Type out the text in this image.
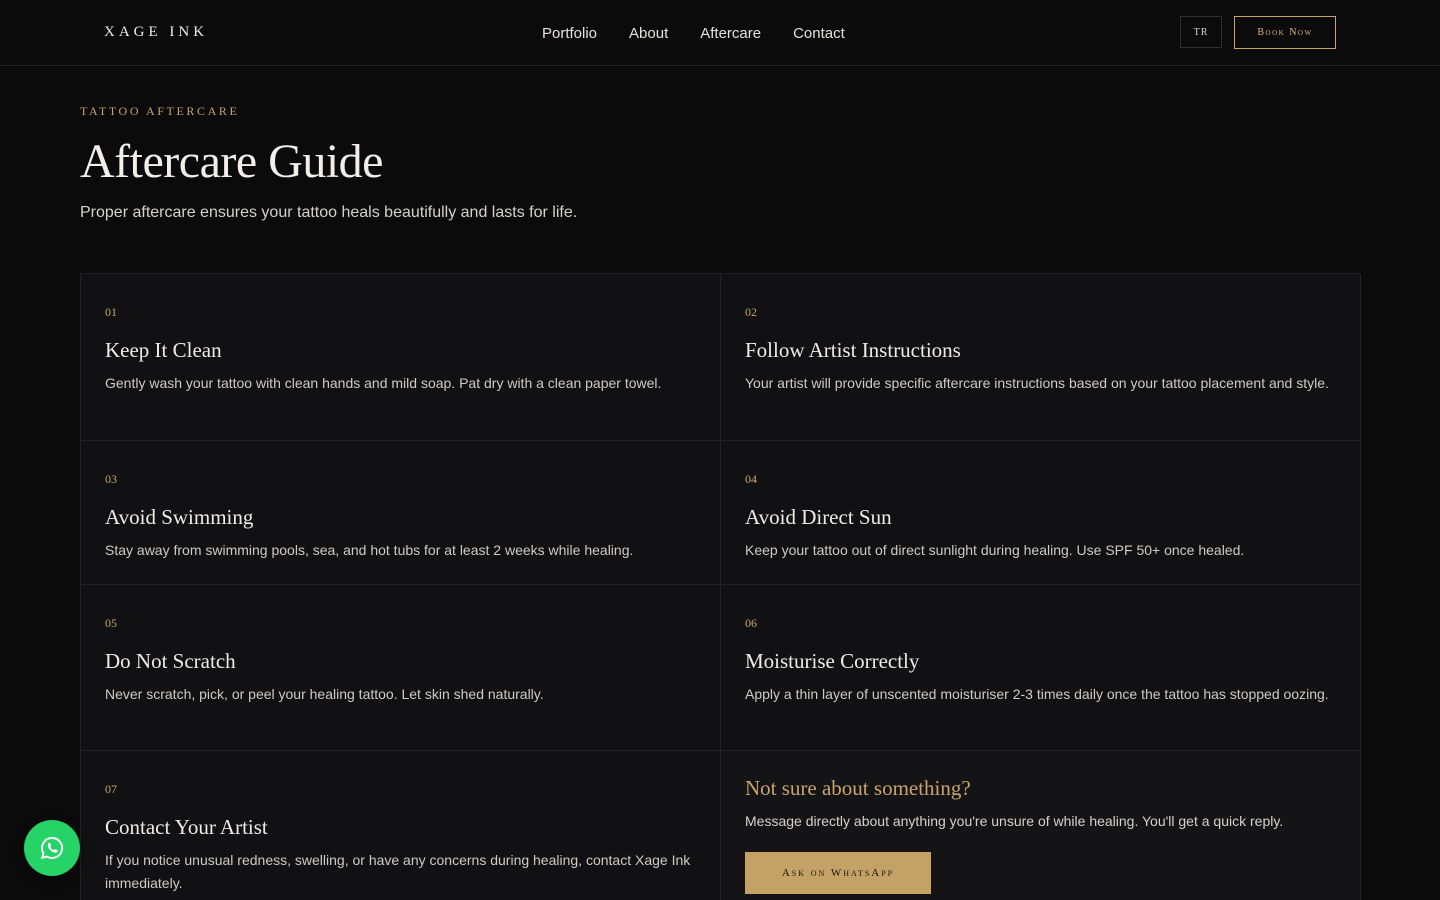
XAGE INK	Portfolio About Aftercare Contact	TR	Book Now
TATTOO AFTERCARE
Aftercare Guide

Proper aftercare ensures your tattoo heals beautifully and lasts for life.

01
Keep It Clean

Gently wash your tattoo with clean hands and mild soap. Pat dry with a clean paper towel.

02
Follow Artist Instructions

Your artist will provide specific aftercare instructions based on your tattoo placement and style.

03
Avoid Swimming

Stay away from swimming pools, sea, and hot tubs for at least 2 weeks while healing.

04
Avoid Direct Sun

Keep your tattoo out of direct sunlight during healing. Use SPF 50+ once healed.

05
Do Not Scratch

Never scratch, pick, or peel your healing tattoo. Let skin shed naturally.

06
Moisturise Correctly

Apply a thin layer of unscented moisturiser 2-3 times daily once the tattoo has stopped oozing.

07
Contact Your Artist

If you notice unusual redness, swelling, or have any concerns during healing, contact Xage Ink immediately.

Not sure about something?

Message directly about anything you're unsure of while healing. You'll get a quick reply.

Ask on WhatsApp
